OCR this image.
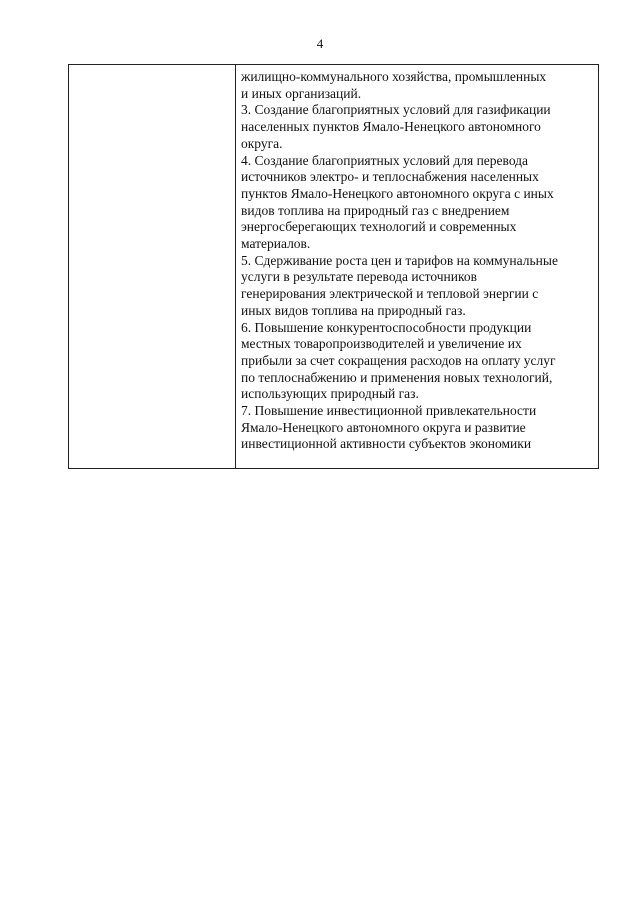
4

жилищно-коммунального хозяйства, промышленных

и иных организаций.

3. Создание благоприятных условий для газификации

населенных пунктов Ямало-Ненецкого автономного

округа.

4. Создание благоприятных условий для перевода

источников электро- и теплоснабжения населенных

пунктов Ямало-Ненецкого автономного округа с иных

видов топлива на природный газ с внедрением

энергосберегающих технологий и современных

материалов.

5. Сдерживание роста цен и тарифов на коммунальные

услуги в результате перевода источников

генерирования электрической и тепловой энергии с

иных видов топлива на природный газ.

6. Повышение конкурентоспособности продукции

местных товаропроизводителей и увеличение их

прибыли за счет сокращения расходов на оплату услуг

по теплоснабжению и применения новых технологий,

использующих природный газ.

7. Повышение инвестиционной привлекательности

Ямало-Ненецкого автономного округа и развитие

инвестиционной активности субъектов экономики
